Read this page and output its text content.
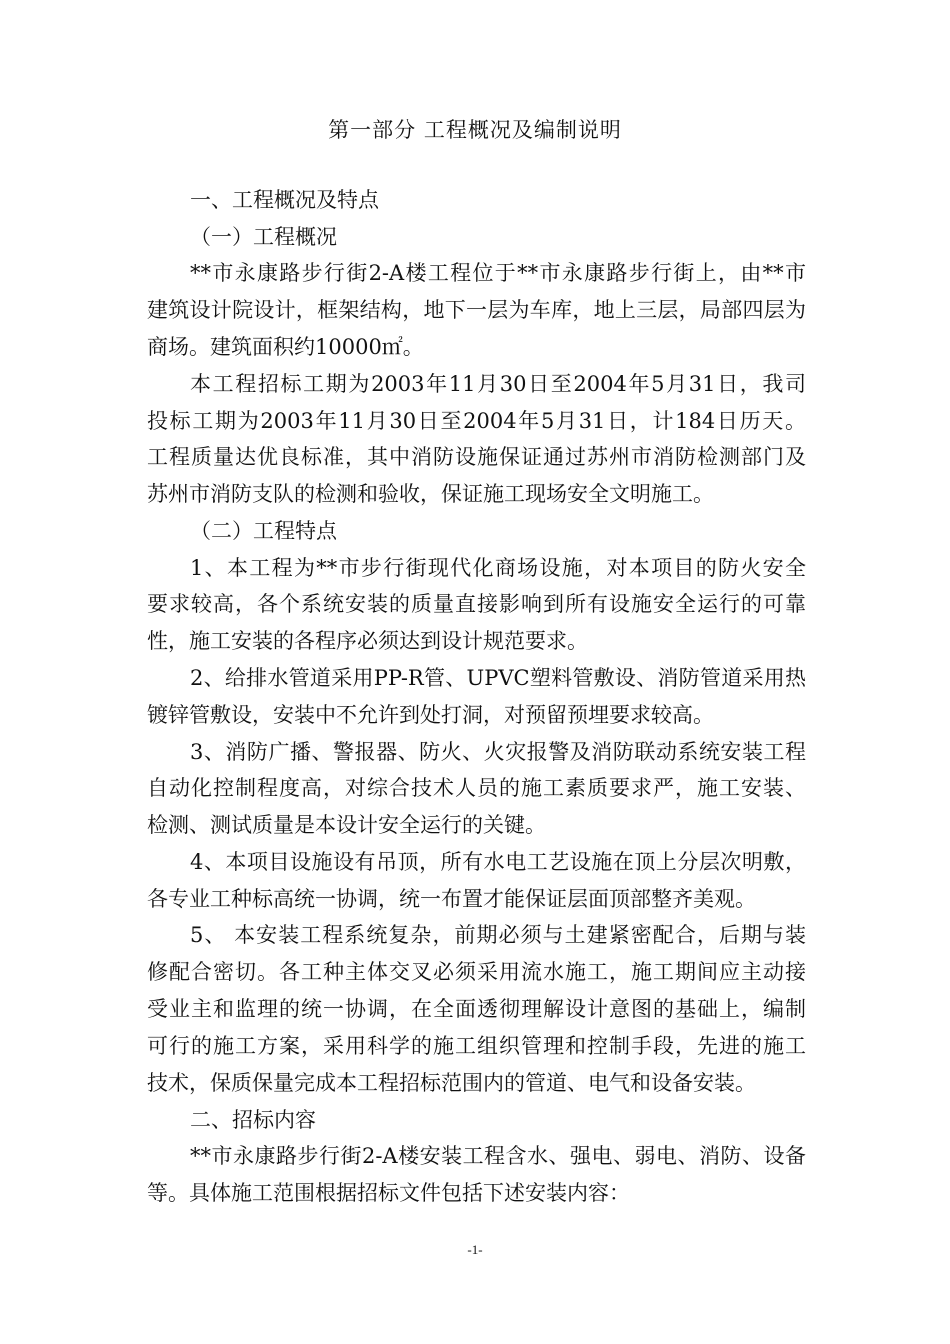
第一部分 工程概况及编制说明
一、工程概况及特点
（一）工程概况
**市永康路步行街2-A楼工程位于**市永康路步行街上，由**市
建筑设计院设计，框架结构，地下一层为车库，地上三层，局部四层为
商场。建筑面积约10000㎡。
本工程招标工期为2003年11月30日至2004年5月31日，我司
投标工期为2003年11月30日至2004年5月31日，计184日历天。
工程质量达优良标准，其中消防设施保证通过苏州市消防检测部门及
苏州市消防支队的检测和验收，保证施工现场安全文明施工。
（二）工程特点
1、本工程为**市步行街现代化商场设施，对本项目的防火安全
要求较高，各个系统安装的质量直接影响到所有设施安全运行的可靠
性，施工安装的各程序必须达到设计规范要求。
2、给排水管道采用PP-R管、UPVC塑料管敷设、消防管道采用热
镀锌管敷设，安装中不允许到处打洞，对预留预埋要求较高。
3、消防广播、警报器、防火、火灾报警及消防联动系统安装工程
自动化控制程度高，对综合技术人员的施工素质要求严，施工安装、
检测、测试质量是本设计安全运行的关键。
4、本项目设施设有吊顶，所有水电工艺设施在顶上分层次明敷，
各专业工种标高统一协调，统一布置才能保证层面顶部整齐美观。
5、 本安装工程系统复杂，前期必须与土建紧密配合，后期与装
修配合密切。各工种主体交叉必须采用流水施工，施工期间应主动接
受业主和监理的统一协调，在全面透彻理解设计意图的基础上，编制
可行的施工方案，采用科学的施工组织管理和控制手段，先进的施工
技术，保质保量完成本工程招标范围内的管道、电气和设备安装。
二、招标内容
**市永康路步行街2-A楼安装工程含水、强电、弱电、消防、设备
等。具体施工范围根据招标文件包括下述安装内容：
-1-
